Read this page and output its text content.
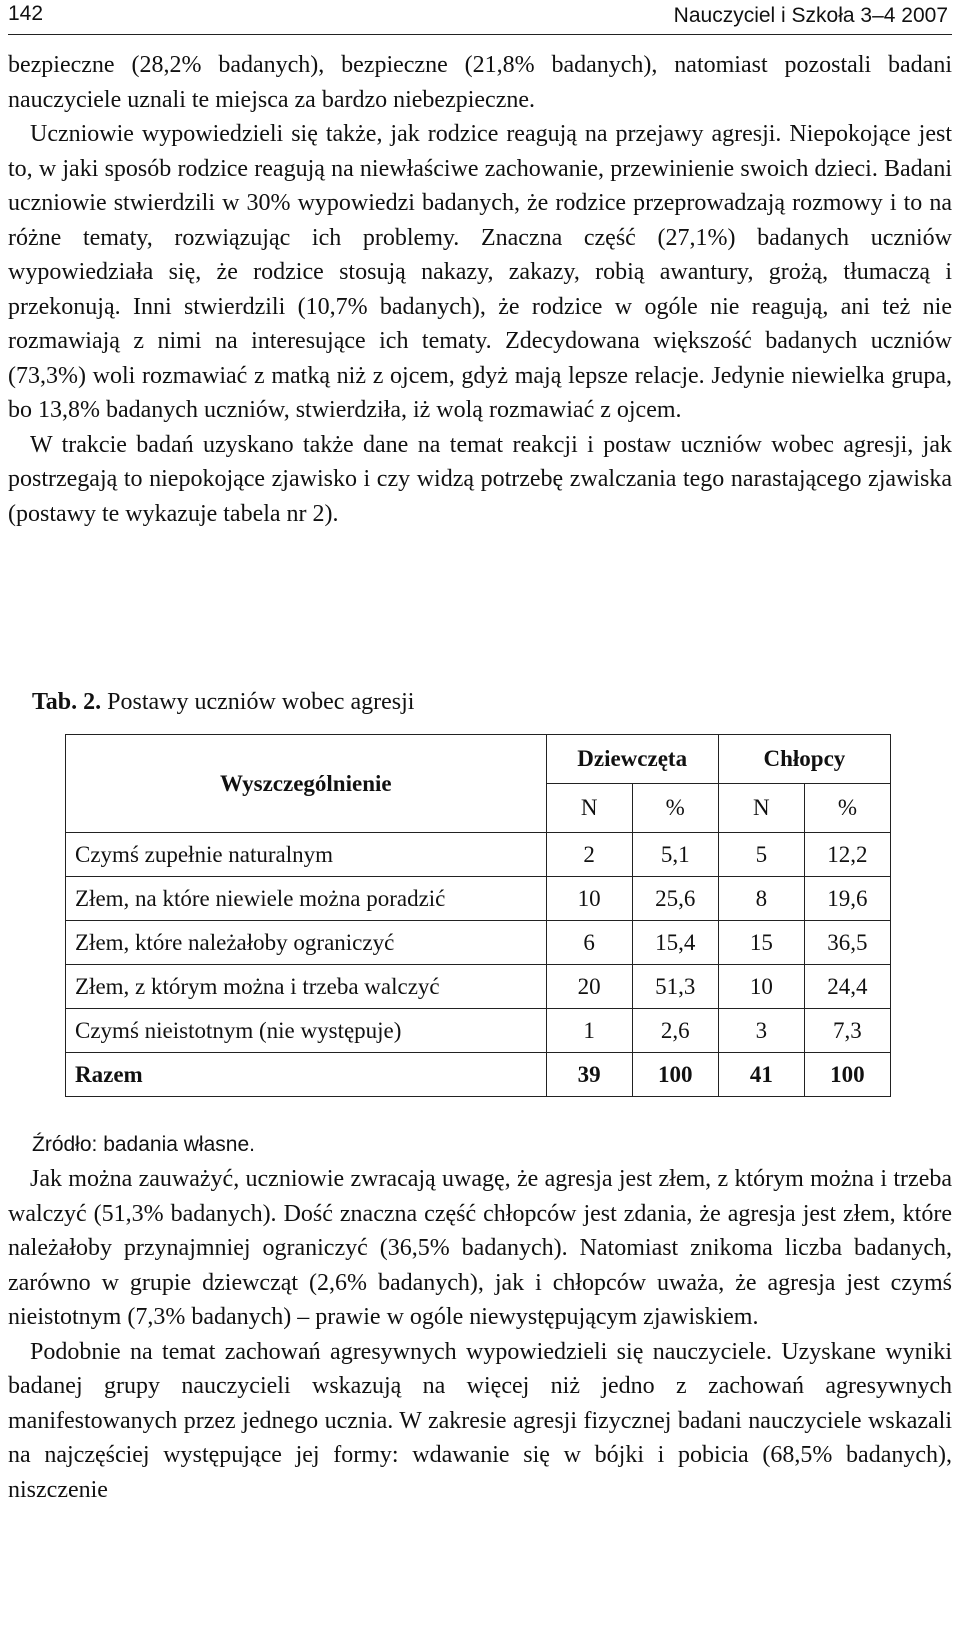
142	Nauczyciel i Szkoła 3–4 2007

bezpieczne (28,2% badanych), bezpieczne (21,8% badanych), natomiast pozostali badani nauczyciele uznali te miejsca za bardzo niebezpieczne.

Uczniowie wypowiedzieli się także, jak rodzice reagują na przejawy agresji. Niepokojące jest to, w jaki sposób rodzice reagują na niewłaściwe zachowanie, przewinienie swoich dzieci. Badani uczniowie stwierdzili w 30% wypowiedzi badanych, że rodzice przeprowadzają rozmowy i to na różne tematy, rozwiązując ich problemy. Znaczna część (27,1%) badanych uczniów wypowiedziała się, że rodzice stosują nakazy, zakazy, robią awantury, grożą, tłumaczą i przekonują. Inni stwierdzili (10,7% badanych), że rodzice w ogóle nie reagują, ani też nie rozmawiają z nimi na interesujące ich tematy. Zdecydowana większość badanych uczniów (73,3%) woli rozmawiać z matką niż z ojcem, gdyż mają lepsze relacje. Jedynie niewielka grupa, bo 13,8% badanych uczniów, stwierdziła, iż wolą rozmawiać z ojcem.

W trakcie badań uzyskano także dane na temat reakcji i postaw uczniów wobec agresji, jak postrzegają to niepokojące zjawisko i czy widzą potrzebę zwalczania tego narastającego zjawiska (postawy te wykazuje tabela nr 2).

Tab. 2. Postawy uczniów wobec agresji
Wyszczególnienie	Dziewczęta		Chłopcy	
	N	%	N	%
Czymś zupełnie naturalnym	2	5,1	5	12,2
Złem, na które niewiele można poradzić	10	25,6	8	19,6
Złem, które należałoby ograniczyć	6	15,4	15	36,5
Złem, z którym można i trzeba walczyć	20	51,3	10	24,4
Czymś nieistotnym (nie występuje)	1	2,6	3	7,3
Razem	39	100	41	100
Źródło: badania własne.

Jak można zauważyć, uczniowie zwracają uwagę, że agresja jest złem, z którym można i trzeba walczyć (51,3% badanych). Dość znaczna część chłopców jest zdania, że agresja jest złem, które należałoby przynajmniej ograniczyć (36,5% badanych). Natomiast znikoma liczba badanych, zarówno w grupie dziewcząt (2,6% badanych), jak i chłopców uważa, że agresja jest czymś nieistotnym (7,3% badanych) – prawie w ogóle niewystępującym zjawiskiem.

Podobnie na temat zachowań agresywnych wypowiedzieli się nauczyciele. Uzyskane wyniki badanej grupy nauczycieli wskazują na więcej niż jedno z zachowań agresywnych manifestowanych przez jednego ucznia. W zakresie agresji fizycznej badani nauczyciele wskazali na najczęściej występujące jej formy: wdawanie się w bójki i pobicia (68,5% badanych), niszczenie
